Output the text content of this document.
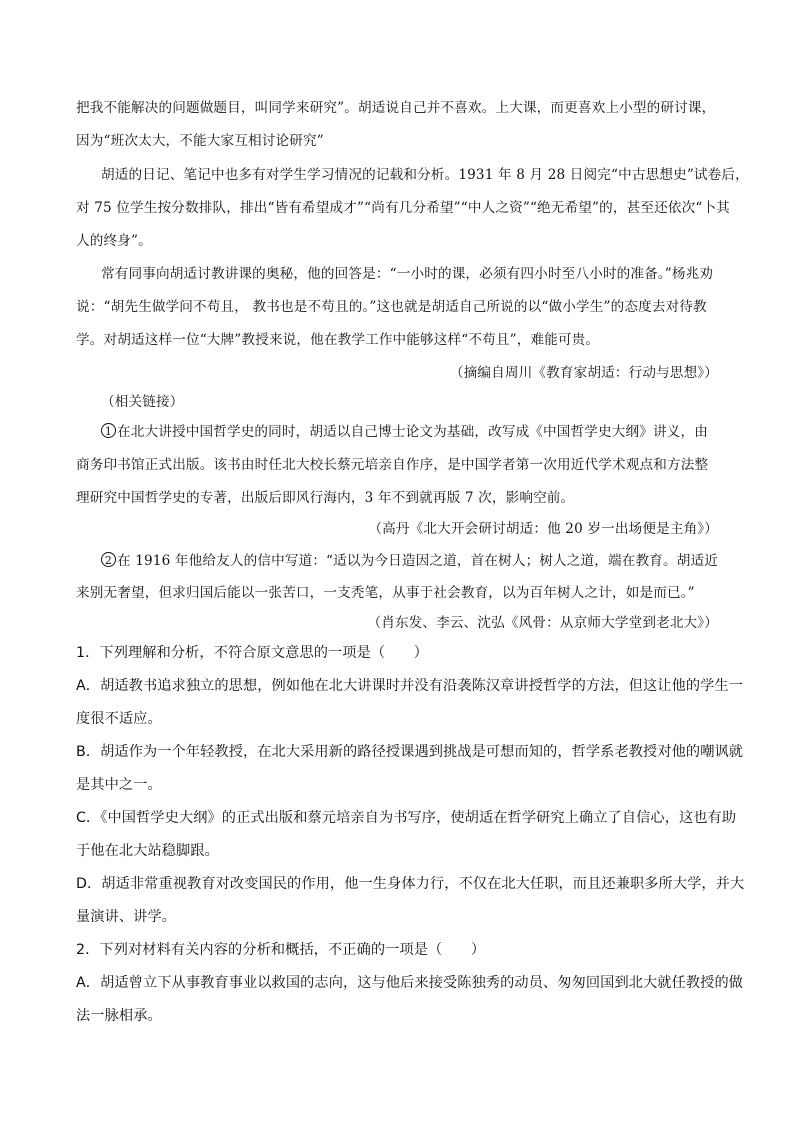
把我不能解决的问题做题目，叫同学来研究”。胡适说自己并不喜欢。上大课，而更喜欢上小型的研讨课，
因为“班次太大，不能大家互相讨论研究”
胡适的日记、笔记中也多有对学生学习情况的记载和分析。1931 年 8 月 28 日阅完“中古思想史”试卷后，
对 75 位学生按分数排队，排出“皆有希望成才”“尚有几分希望”“中人之资”“绝无希望”的，甚至还依次“卜其
人的终身”。
常有同事向胡适讨教讲课的奥秘，他的回答是：“一小时的课，必须有四小时至八小时的准备。”杨兆劝
说：“胡先生做学问不苟且， 教书也是不苟且的。”这也就是胡适自己所说的以“做小学生”的态度去对待教
学。对胡适这样一位“大牌”教授来说，他在教学工作中能够这样“不苟且”，难能可贵。
（摘编自周川《教育家胡适：行动与思想》）
（相关链接）
1 在北大讲授中国哲学史的同时，胡适以自己博士论文为基础，改写成《中国哲学史大纲》讲义，由
商务印书馆正式出版。该书由时任北大校长蔡元培亲自作序，是中国学者第一次用近代学术观点和方法整
理研究中国哲学史的专著，出版后即风行海内，3 年不到就再版 7 次，影响空前。
（高丹《北大开会研讨胡适：他 20 岁一出场便是主角》）
2 在 1916 年他给友人的信中写道：“适以为今日造因之道，首在树人；树人之道，端在教育。胡适近
来别无奢望，但求归国后能以一张苦口，一支秃笔，从事于社会教育，以为百年树人之计，如是而已。”
（肖东发、李云、沈弘《风骨：从京师大学堂到老北大》）
1．下列理解和分析，不符合原文意思的一项是（　　）
A．胡适教书追求独立的思想，例如他在北大讲课时并没有沿袭陈汉章讲授哲学的方法，但这让他的学生一
度很不适应。
B．胡适作为一个年轻教授，在北大采用新的路径授课遇到挑战是可想而知的，哲学系老教授对他的嘲讽就
是其中之一。
C．《中国哲学史大纲》的正式出版和蔡元培亲自为书写序，使胡适在哲学研究上确立了自信心，这也有助
于他在北大站稳脚跟。
D．胡适非常重视教育对改变国民的作用，他一生身体力行，不仅在北大任职，而且还兼职多所大学，并大
量演讲、讲学。
2．下列对材料有关内容的分析和概括，不正确的一项是（　　）
A．胡适曾立下从事教育事业以救国的志向，这与他后来接受陈独秀的动员、匆匆回国到北大就任教授的做
法一脉相承。
